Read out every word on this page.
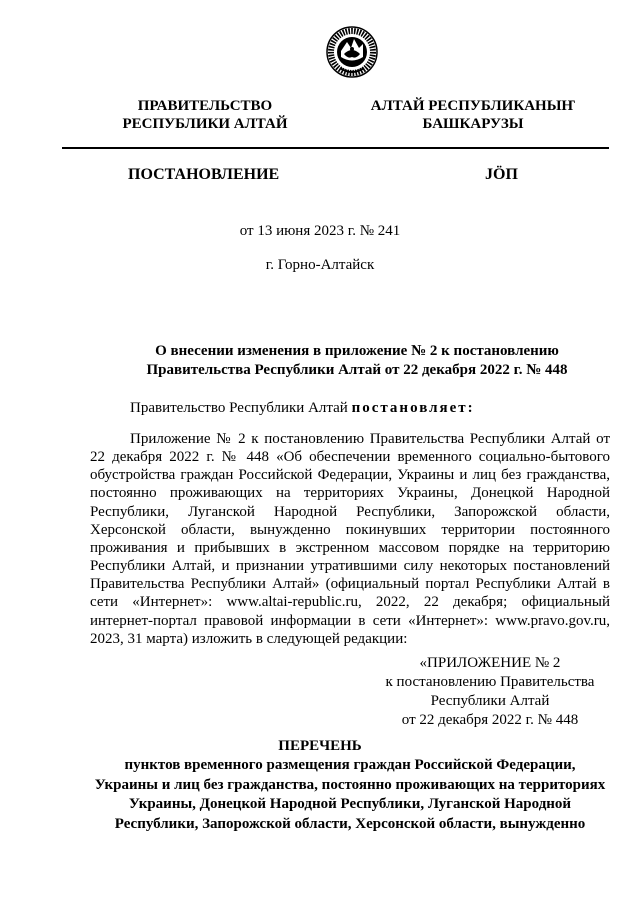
ПРАВИТЕЛЬСТВО
РЕСПУБЛИКИ АЛТАЙ
АЛТАЙ РЕСПУБЛИКАНЫҤ
БАШКАРУЗЫ
ПОСТАНОВЛЕНИЕ	JӦП
от 13 июня 2023 г. № 241
г. Горно-Алтайск
О внесении изменения в приложение № 2 к постановлению
Правительства Республики Алтай от 22 декабря 2022 г. № 448
Правительство Республики Алтай постановляет:

Приложение № 2 к постановлению Правительства Республики Алтай от 22 декабря 2022 г. № 448 «Об обеспечении временного социально-бытового обустройства граждан Российской Федерации, Украины и лиц без гражданства, постоянно проживающих на территориях Украины, Донецкой Народной Республики, Луганской Народной Республики, Запорожской области, Херсонской области, вынужденно покинувших территории постоянного проживания и прибывших в экстренном массовом порядке на территорию Республики Алтай, и признании утратившими силу некоторых постановлений Правительства Республики Алтай» (официальный портал Республики Алтай в сети «Интернет»: www.altai-republic.ru, 2022, 22 декабря; официальный интернет-портал правовой информации в сети «Интернет»: www.pravo.gov.ru, 2023, 31 марта) изложить в следующей редакции:

«ПРИЛОЖЕНИЕ № 2
к постановлению Правительства
Республики Алтай
от 22 декабря 2022 г. № 448
ПЕРЕЧЕНЬ
пунктов временного размещения граждан Российской Федерации,
Украины и лиц без гражданства, постоянно проживающих на территориях
Украины, Донецкой Народной Республики, Луганской Народной
Республики, Запорожской области, Херсонской области, вынужденно
